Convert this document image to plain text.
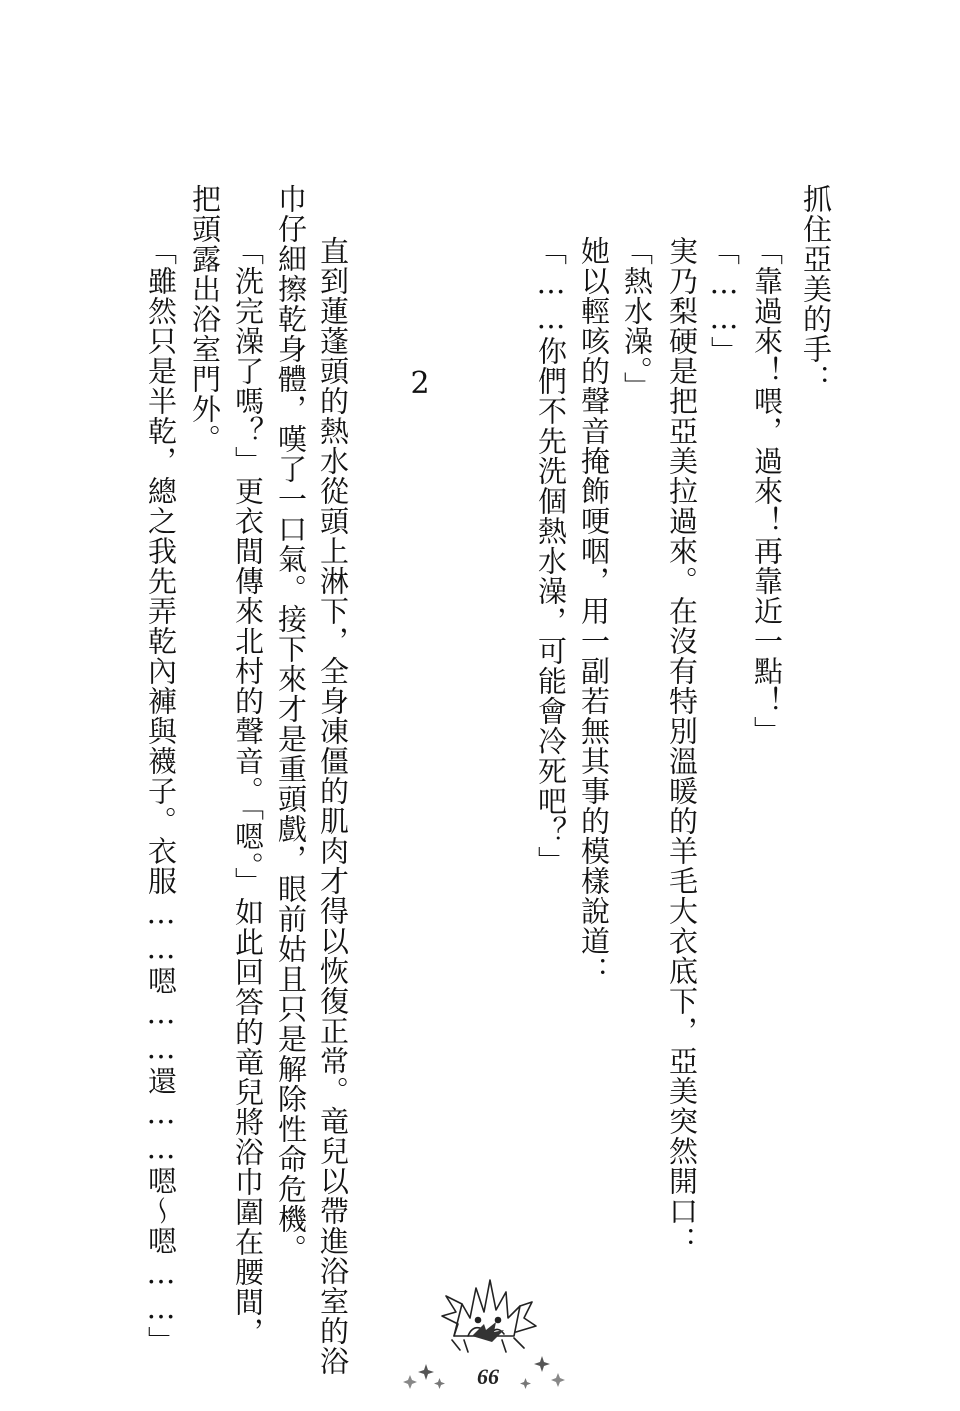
抓住亞美的手：
「靠過來！喂，過來！再靠近一點！」
「……」
実乃梨硬是把亞美拉過來。在沒有特別溫暖的羊毛大衣底下，亞美突然開口：
「熱水澡。」
她以輕咳的聲音掩飾哽咽，用一副若無其事的模樣說道：
「……你們不先洗個熱水澡，可能會冷死吧？」
2
直到蓮蓬頭的熱水從頭上淋下，全身凍僵的肌肉才得以恢復正常。竜兒以帶進浴室的浴
巾仔細擦乾身體，嘆了一口氣。接下來才是重頭戲，眼前姑且只是解除性命危機。
「洗完澡了嗎？」更衣間傳來北村的聲音。「嗯。」如此回答的竜兒將浴巾圍在腰間，
把頭露出浴室門外。
「雖然只是半乾，總之我先弄乾內褲與襪子。衣服……嗯……還……嗯～嗯……」
66
